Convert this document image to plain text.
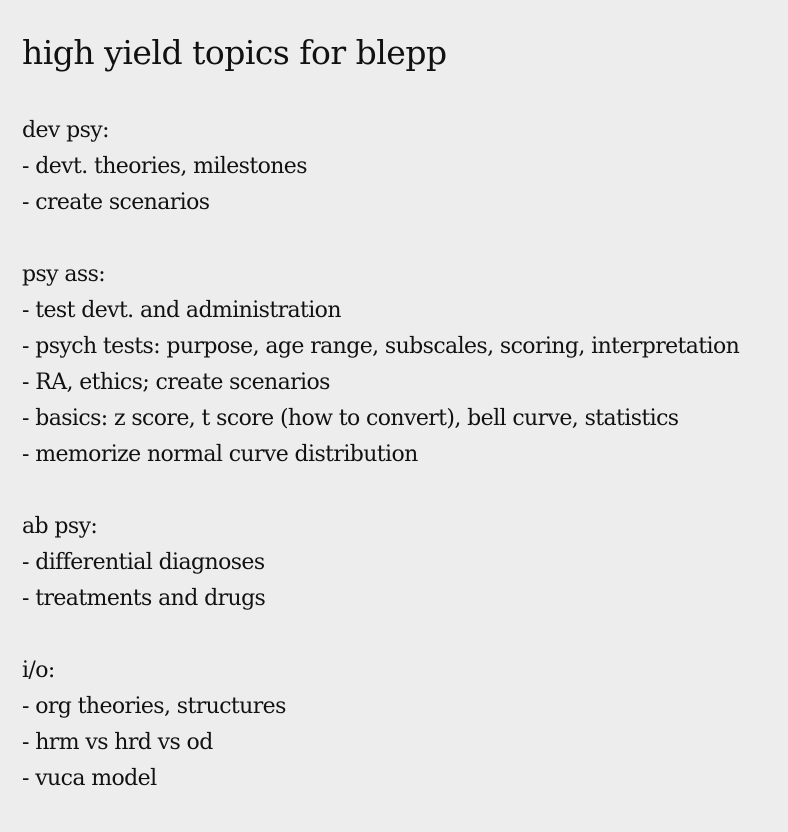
high yield topics for blepp
dev psy:
- devt. theories, milestones
- create scenarios
psy ass:
- test devt. and administration
- psych tests: purpose, age range, subscales, scoring, interpretation
- RA, ethics; create scenarios
- basics: z score, t score (how to convert), bell curve, statistics
- memorize normal curve distribution
ab psy:
- differential diagnoses
- treatments and drugs
i/o:
- org theories, structures
- hrm vs hrd vs od
- vuca model
